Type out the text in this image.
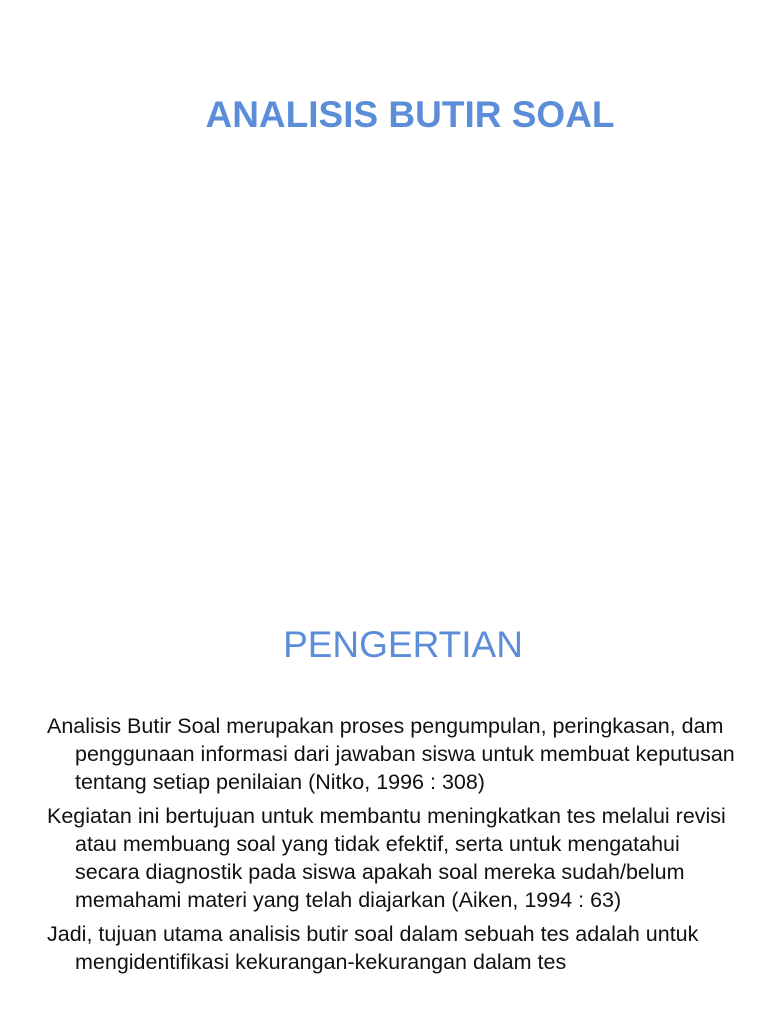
ANALISIS BUTIR SOAL
PENGERTIAN

Analisis Butir Soal merupakan proses pengumpulan, peringkasan, dam penggunaan informasi dari jawaban siswa untuk membuat keputusan tentang setiap penilaian (Nitko, 1996 : 308)

Kegiatan ini bertujuan untuk membantu meningkatkan tes melalui revisi atau membuang soal yang tidak efektif, serta untuk mengatahui secara diagnostik pada siswa apakah soal mereka sudah/belum memahami materi yang telah diajarkan (Aiken, 1994 : 63)

Jadi, tujuan utama analisis butir soal dalam sebuah tes adalah untuk mengidentifikasi kekurangan-kekurangan dalam tes
